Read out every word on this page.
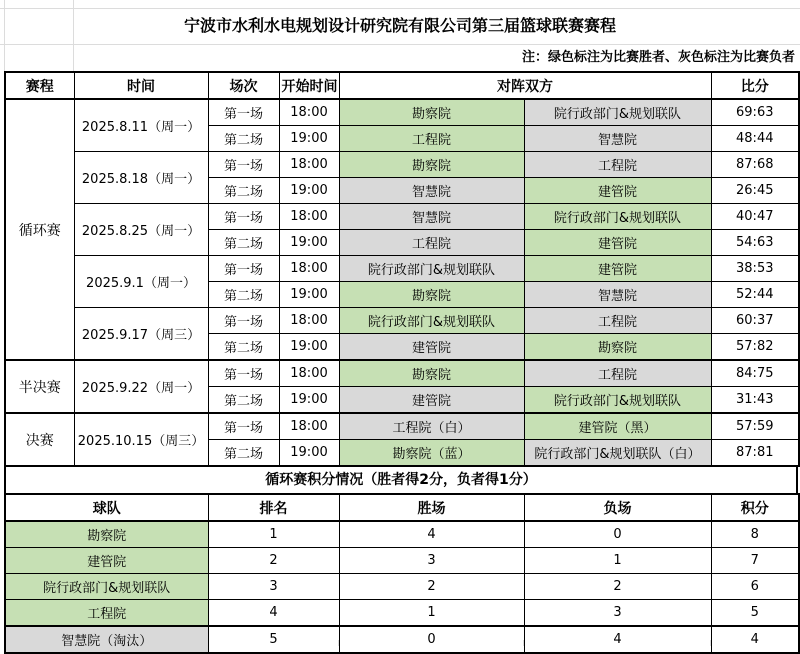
宁波市水利水电规划设计研究院有限公司第三届篮球联赛赛程
注：绿色标注为比赛胜者、灰色标注为比赛负者
赛程	时间	场次	开始时间	对阵双方		比分
循环赛	2025.8.11（周一）	第一场	18:00	勘察院	院行政部门&规划联队	69:63
		第二场	19:00	工程院	智慧院	48:44
	2025.8.18（周一）	第一场	18:00	勘察院	工程院	87:68
		第二场	19:00	智慧院	建管院	26:45
	2025.8.25（周一）	第一场	18:00	智慧院	院行政部门&规划联队	40:47
		第二场	19:00	工程院	建管院	54:63
	2025.9.1（周一）	第一场	18:00	院行政部门&规划联队	建管院	38:53
		第二场	19:00	勘察院	智慧院	52:44
	2025.9.17（周三）	第一场	18:00	院行政部门&规划联队	工程院	60:37
		第二场	19:00	建管院	勘察院	57:82
半决赛	2025.9.22（周一）	第一场	18:00	勘察院	工程院	84:75
		第二场	19:00	建管院	院行政部门&规划联队	31:43
决赛	2025.10.15（周三）	第一场	18:00	工程院（白）	建管院（黑）	57:59
		第二场	19:00	勘察院（蓝）	院行政部门&规划联队（白）	87:81
循环赛积分情况（胜者得2分，负者得1分）
球队	排名	胜场	负场	积分
勘察院	1	4	0	8
建管院	2	3	1	7
院行政部门&规划联队	3	2	2	6
工程院	4	1	3	5
智慧院（淘汰）	5	0	4	4
